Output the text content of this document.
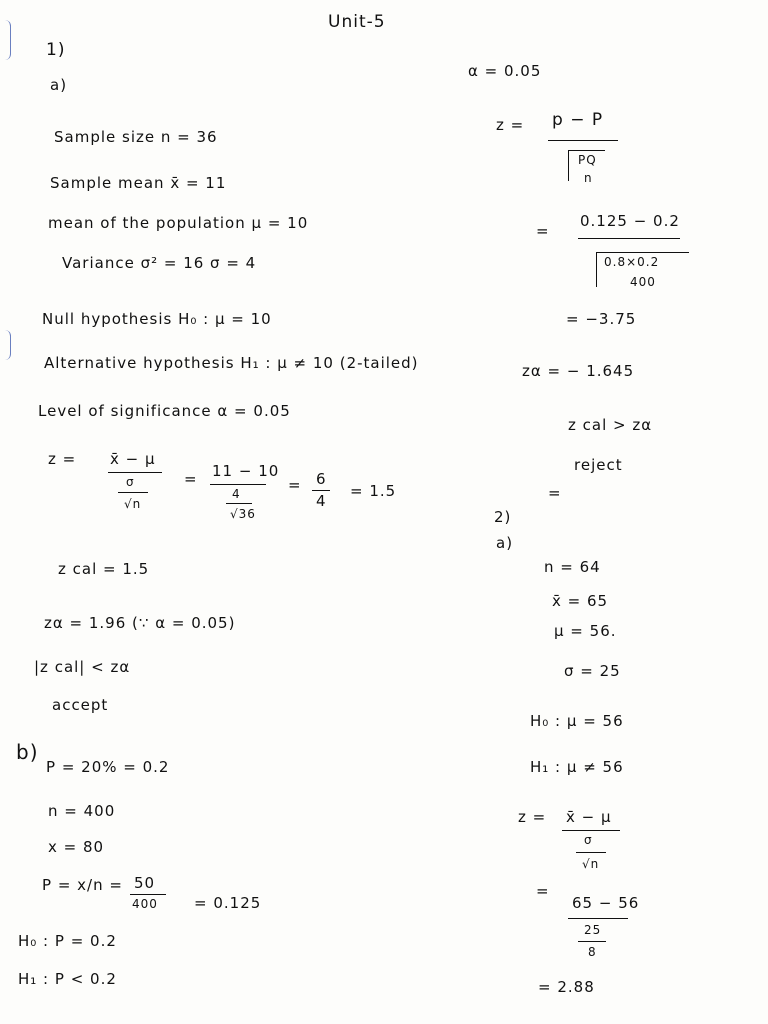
Unit-5
1)
a)
Sample size n = 36
Sample mean x̄ = 11
mean of the population μ = 10
Variance σ² = 16 σ = 4
Null hypothesis H₀ : μ = 10
Alternative hypothesis H₁ : μ ≠ 10 (2-tailed)
Level of significance α = 0.05
z = x̄ − μ
σ
√n
= 11 − 10
4
√36
= 6
4
= 1.5
z cal = 1.5
zα = 1.96 (∵ α = 0.05)
|z cal| < zα
accept
b)
P = 20% = 0.2
n = 400
x = 80
P = x/n = 50
400 = 0.125
H₀ : P = 0.2
H₁ : P < 0.2
α = 0.05
z = p − P
PQ
n
=
0.125 − 0.2
0.8×0.2
400
= −3.75
zα = − 1.645
z cal > zα
reject
=
2)
a)
n = 64
x̄ = 65
μ = 56.
σ = 25
H₀ : μ = 56
H₁ : μ ≠ 56
z = x̄ − μ
σ
√n
=
65 − 56
25
8
= 2.88
